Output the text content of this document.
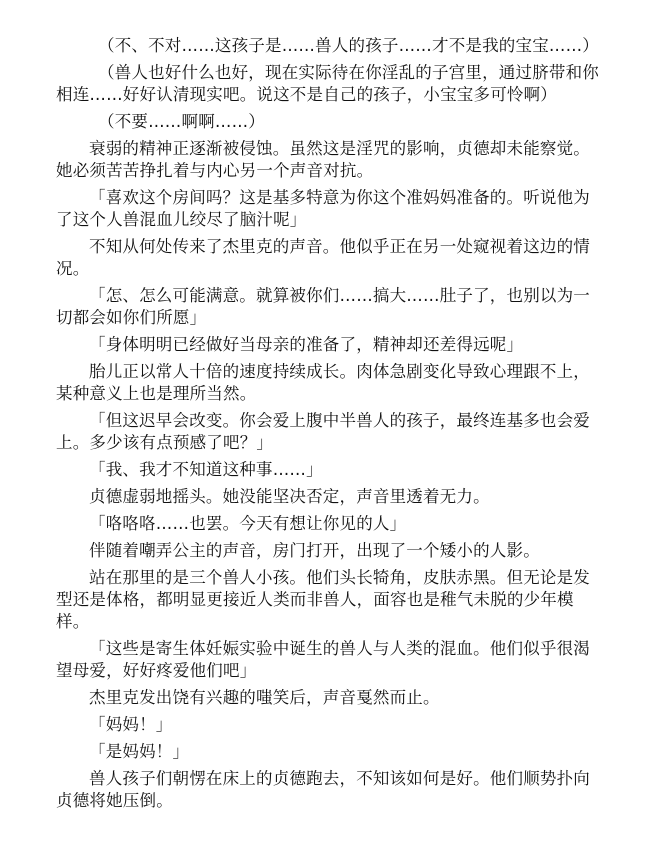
（不、不对……这孩子是……兽人的孩子……才不是我的宝宝……）

（兽人也好什么也好，现在实际待在你淫乱的子宫里，通过脐带和你相连……好好认清现实吧。说这不是自己的孩子，小宝宝多可怜啊）

（不要……啊啊……）

衰弱的精神正逐渐被侵蚀。虽然这是淫咒的影响，贞德却未能察觉。她必须苦苦挣扎着与内心另一个声音对抗。

「喜欢这个房间吗？这是基多特意为你这个准妈妈准备的。听说他为了这个人兽混血儿绞尽了脑汁呢」

不知从何处传来了杰里克的声音。他似乎正在另一处窥视着这边的情况。

「怎、怎么可能满意。就算被你们……搞大……肚子了，也别以为一切都会如你们所愿」

「身体明明已经做好当母亲的准备了，精神却还差得远呢」

胎儿正以常人十倍的速度持续成长。肉体急剧变化导致心理跟不上，某种意义上也是理所当然。

「但这迟早会改变。你会爱上腹中半兽人的孩子，最终连基多也会爱上。多少该有点预感了吧？」

「我、我才不知道这种事……」

贞德虚弱地摇头。她没能坚决否定，声音里透着无力。

「咯咯咯……也罢。今天有想让你见的人」

伴随着嘲弄公主的声音，房门打开，出现了一个矮小的人影。

站在那里的是三个兽人小孩。他们头长犄角，皮肤赤黑。但无论是发型还是体格，都明显更接近人类而非兽人，面容也是稚气未脱的少年模样。

「这些是寄生体妊娠实验中诞生的兽人与人类的混血。他们似乎很渴望母爱，好好疼爱他们吧」

杰里克发出饶有兴趣的嗤笑后，声音戛然而止。

「妈妈！」

「是妈妈！」

兽人孩子们朝愣在床上的贞德跑去，不知该如何是好。他们顺势扑向贞德将她压倒。
